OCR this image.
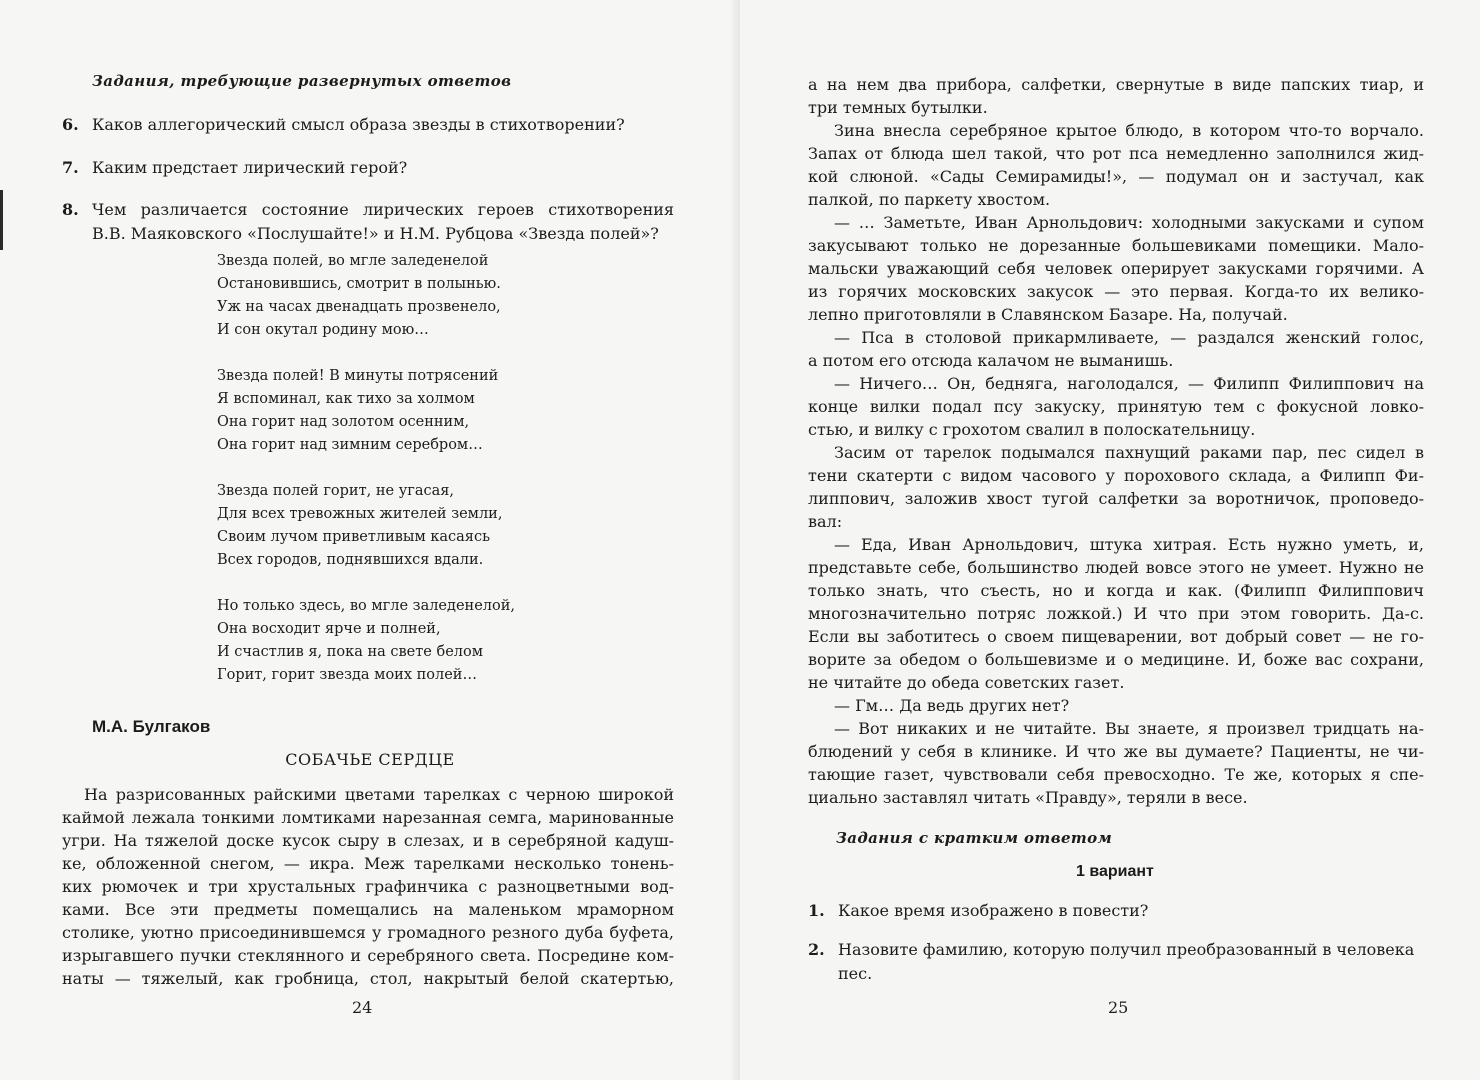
Задания, требующие развернутых ответов
6. Каков аллегорический смысл образа звезды в стихотворении?
7. Каким предстает лирический герой?
8. Чем различается состояние лирических героев стихотворения
В.В. Маяковского «Послушайте!» и Н.М. Рубцова «Звезда полей»?
Звезда полей, во мгле заледенелой
Остановившись, смотрит в полынью.
Уж на часах двенадцать прозвенело,
И сон окутал родину мою…
Звезда полей! В минуты потрясений
Я вспоминал, как тихо за холмом
Она горит над золотом осенним,
Она горит над зимним серебром…
Звезда полей горит, не угасая,
Для всех тревожных жителей земли,
Своим лучом приветливым касаясь
Всех городов, поднявшихся вдали.
Но только здесь, во мгле заледенелой,
Она восходит ярче и полней,
И счастлив я, пока на свете белом
Горит, горит звезда моих полей…
М.А. Булгаков
СОБАЧЬЕ СЕРДЦЕ
На разрисованных райскими цветами тарелках с черною широкой
каймой лежала тонкими ломтиками нарезанная семга, маринованные
угри. На тяжелой доске кусок сыру в слезах, и в серебряной кадуш-
ке, обложенной снегом, — икра. Меж тарелками несколько тонень-
ких рюмочек и три хрустальных графинчика с разноцветными вод-
ками. Все эти предметы помещались на маленьком мраморном
столике, уютно присоединившемся у громадного резного дуба буфета,
изрыгавшего пучки стеклянного и серебряного света. Посредине ком-
наты — тяжелый, как гробница, стол, накрытый белой скатертью,
24
а на нем два прибора, салфетки, свернутые в виде папских тиар, и
три темных бутылки.
Зина внесла серебряное крытое блюдо, в котором что-то ворчало.
Запах от блюда шел такой, что рот пса немедленно заполнился жид-
кой слюной. «Сады Семирамиды!», — подумал он и застучал, как
палкой, по паркету хвостом.
— … Заметьте, Иван Арнольдович: холодными закусками и супом
закусывают только не дорезанные большевиками помещики. Мало-
мальски уважающий себя человек оперирует закусками горячими. А
из горячих московских закусок — это первая. Когда-то их велико-
лепно приготовляли в Славянском Базаре. На, получай.
— Пса в столовой прикармливаете, — раздался женский голос,
а потом его отсюда калачом не выманишь.
— Ничего… Он, бедняга, наголодался, — Филипп Филиппович на
конце вилки подал псу закуску, принятую тем с фокусной ловко-
стью, и вилку с грохотом свалил в полоскательницу.
Засим от тарелок подымался пахнущий раками пар, пес сидел в
тени скатерти с видом часового у порохового склада, а Филипп Фи-
липпович, заложив хвост тугой салфетки за воротничок, проповедо-
вал:
— Еда, Иван Арнольдович, штука хитрая. Есть нужно уметь, и,
представьте себе, большинство людей вовсе этого не умеет. Нужно не
только знать, что съесть, но и когда и как. (Филипп Филиппович
многозначительно потряс ложкой.) И что при этом говорить. Да-с.
Если вы заботитесь о своем пищеварении, вот добрый совет — не го-
ворите за обедом о большевизме и о медицине. И, боже вас сохрани,
не читайте до обеда советских газет.
— Гм… Да ведь других нет?
— Вот никаких и не читайте. Вы знаете, я произвел тридцать на-
блюдений у себя в клинике. И что же вы думаете? Пациенты, не чи-
тающие газет, чувствовали себя превосходно. Те же, которых я спе-
циально заставлял читать «Правду», теряли в весе.
Задания с кратким ответом
1 вариант
1. Какое время изображено в повести?
2. Назовите фамилию, которую получил преобразованный в человека
пес.
25
